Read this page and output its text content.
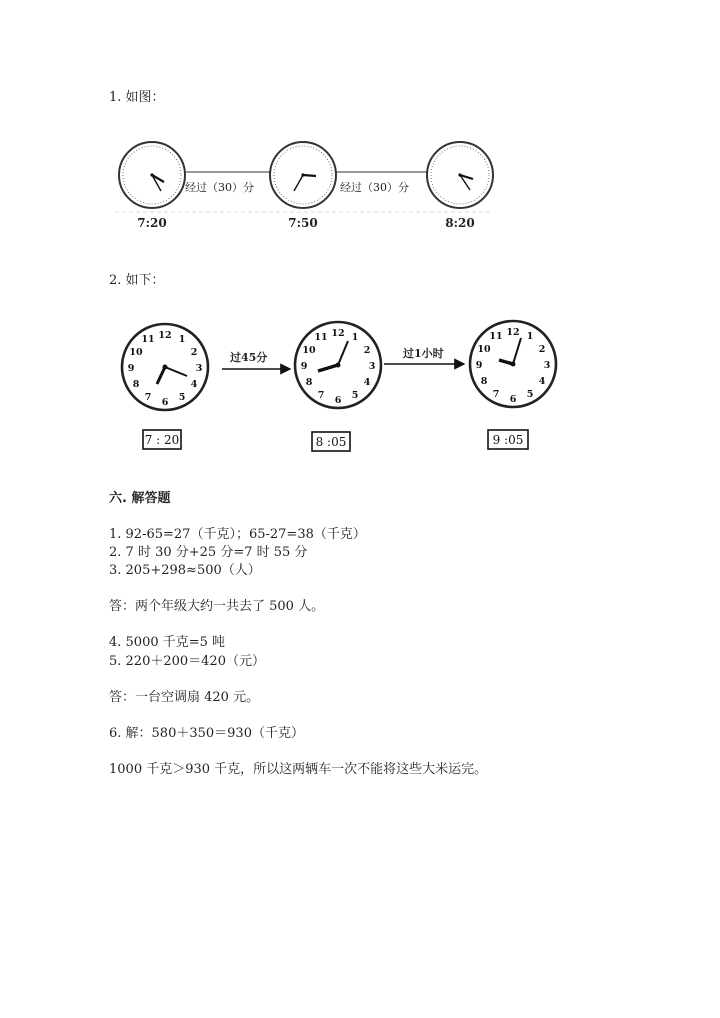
1. 如图：
经过（30）分	经过（30）分
7:20	7:50	8:20
2. 如下：
过45分	过1小时
12 1
2
3
4
5
6
7
8
9
10
11
12 1
2
3
4
5
6
7
8
9
10
11	12 1
2
3
4
5
6
7
8
9
10
11
7 : 20	8 :05	9 :05
六. 解答题
1. 92-65=27（千克）；65-27=38（千克）
2. 7 时 30 分+25 分=7 时 55 分
3. 205+298≈500（人）
答：两个年级大约一共去了 500 人。
4. 5000 千克=5 吨
5. 220＋200＝420（元）
答：一台空调扇 420 元。
6. 解：580＋350＝930（千克）
1000 千克＞930 千克，所以这两辆车一次不能将这些大米运完。
